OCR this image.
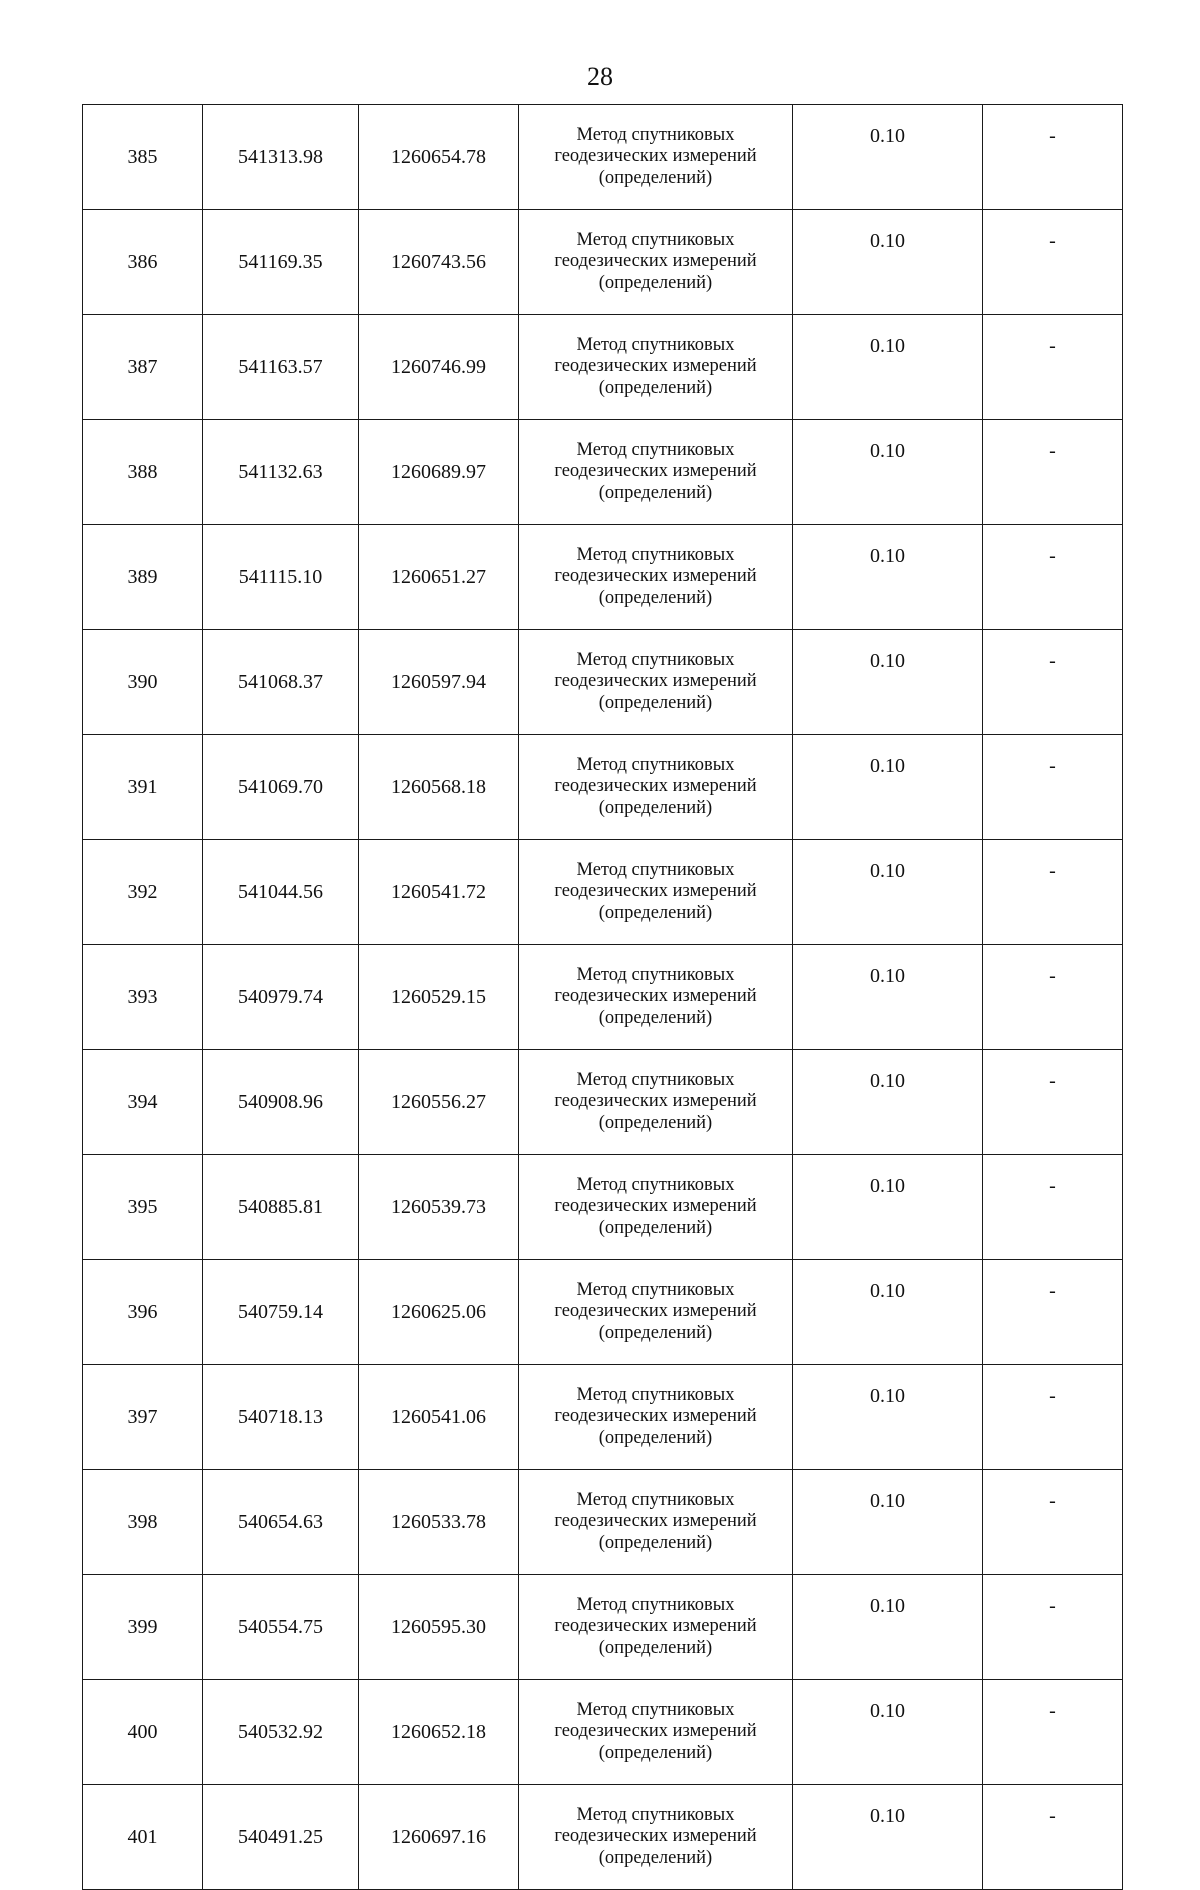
28
385	541313.98	1260654.78	Метод спутниковых
геодезических измерений
(определений)	0.10	-
386	541169.35	1260743.56	Метод спутниковых
геодезических измерений
(определений)	0.10	-
387	541163.57	1260746.99	Метод спутниковых
геодезических измерений
(определений)	0.10	-
388	541132.63	1260689.97	Метод спутниковых
геодезических измерений
(определений)	0.10	-
389	541115.10	1260651.27	Метод спутниковых
геодезических измерений
(определений)	0.10	-
390	541068.37	1260597.94	Метод спутниковых
геодезических измерений
(определений)	0.10	-
391	541069.70	1260568.18	Метод спутниковых
геодезических измерений
(определений)	0.10	-
392	541044.56	1260541.72	Метод спутниковых
геодезических измерений
(определений)	0.10	-
393	540979.74	1260529.15	Метод спутниковых
геодезических измерений
(определений)	0.10	-
394	540908.96	1260556.27	Метод спутниковых
геодезических измерений
(определений)	0.10	-
395	540885.81	1260539.73	Метод спутниковых
геодезических измерений
(определений)	0.10	-
396	540759.14	1260625.06	Метод спутниковых
геодезических измерений
(определений)	0.10	-
397	540718.13	1260541.06	Метод спутниковых
геодезических измерений
(определений)	0.10	-
398	540654.63	1260533.78	Метод спутниковых
геодезических измерений
(определений)	0.10	-
399	540554.75	1260595.30	Метод спутниковых
геодезических измерений
(определений)	0.10	-
400	540532.92	1260652.18	Метод спутниковых
геодезических измерений
(определений)	0.10	-
401	540491.25	1260697.16	Метод спутниковых
геодезических измерений
(определений)	0.10	-
